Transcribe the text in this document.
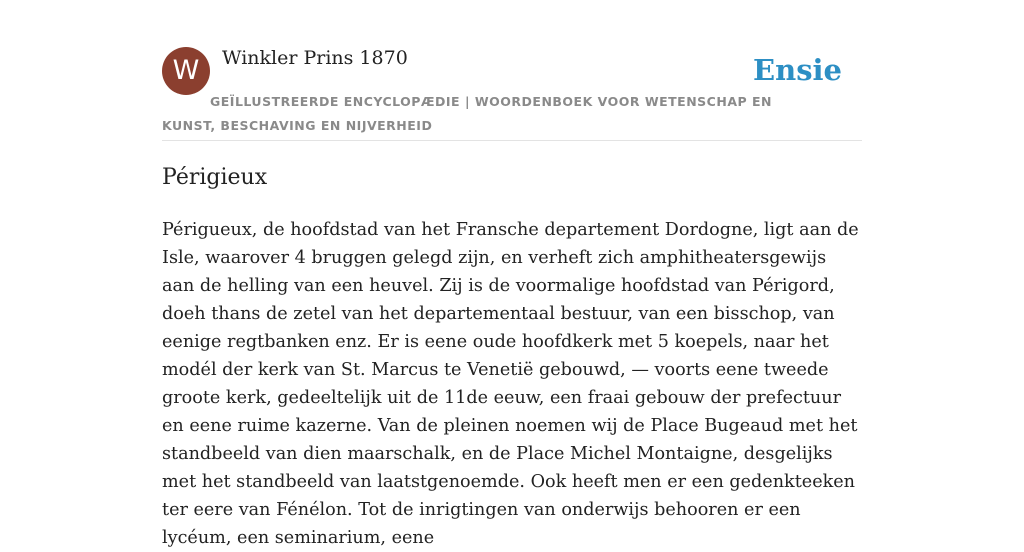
W	Winkler Prins 1870	Ensie
GEÏLLUSTREERDE ENCYCLOPÆDIE | WOORDENBOEK VOOR WETENSCHAP EN KUNST, BESCHAVING EN NIJVERHEID
Périgieux

Périgueux, de hoofdstad van het Fransche departement Dordogne, ligt aan de Isle, waarover 4 bruggen gelegd zijn, en verheft zich amphitheatersgewijs aan de helling van een heuvel. Zij is de voormalige hoofdstad van Périgord, doeh thans de zetel van het departementaal bestuur, van een bisschop, van eenige regtbanken enz. Er is eene oude hoofdkerk met 5 koepels, naar het modél der kerk van St. Marcus te Venetië gebouwd, — voorts eene tweede groote kerk, gedeeltelijk uit de 11de eeuw, een fraai gebouw der prefectuur en eene ruime kazerne. Van de pleinen noemen wij de Place Bugeaud met het standbeeld van dien maarschalk, en de Place Michel Montaigne, desgelijks met het standbeeld van laatstgenoemde. Ook heeft men er een gedenkteeken ter eere van Fénélon. Tot de inrigtingen van onderwijs behooren er een lycéum, een seminarium, eene
